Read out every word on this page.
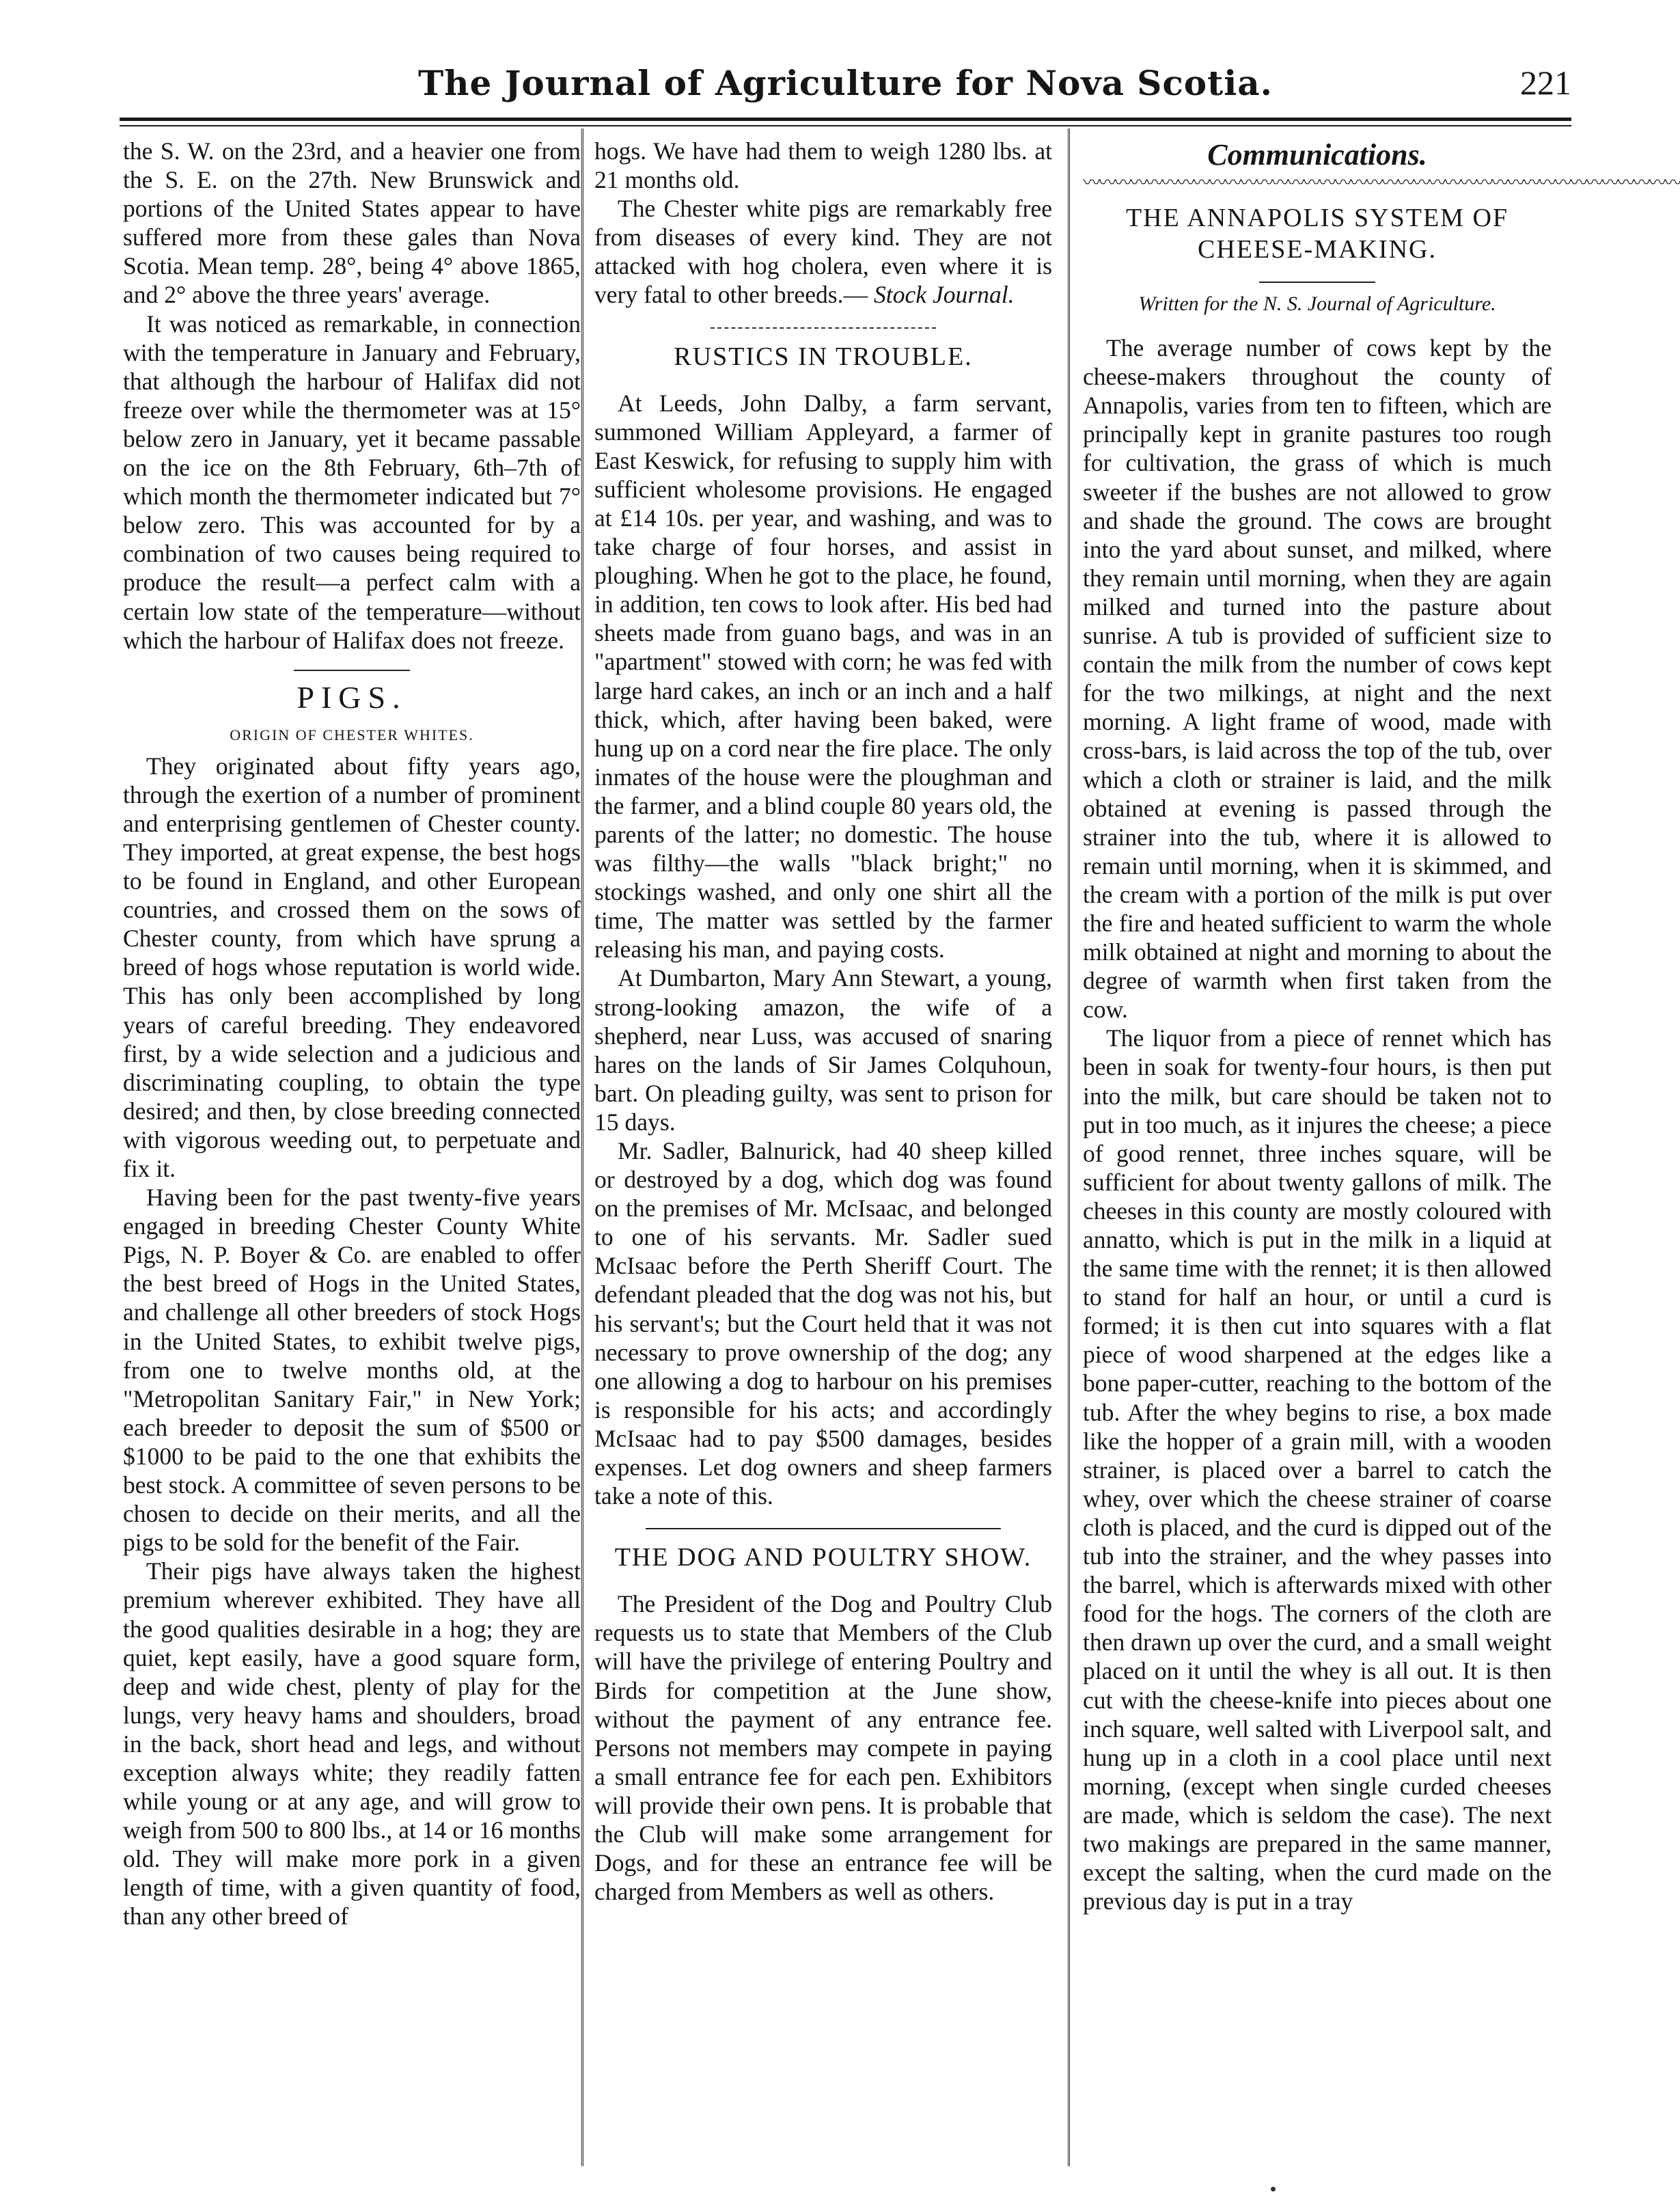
The Journal of Agriculture for Nova Scotia.	221

the S. W. on the 23rd, and a heavier one from the S. E. on the 27th. New Brunswick and portions of the United States appear to have suffered more from these gales than Nova Scotia. Mean temp. 28°, being 4° above 1865, and 2° above the three years' average.

It was noticed as remarkable, in connection with the temperature in January and February, that although the harbour of Halifax did not freeze over while the thermometer was at 15° below zero in January, yet it became passable on the ice on the 8th February, 6th–7th of which month the thermometer indicated but 7° below zero. This was accounted for by a combination of two causes being required to produce the result—a perfect calm with a certain low state of the temperature—without which the harbour of Halifax does not freeze.

PIGS.
ORIGIN OF CHESTER WHITES.

They originated about fifty years ago, through the exertion of a number of prominent and enterprising gentlemen of Chester county. They imported, at great expense, the best hogs to be found in England, and other European countries, and crossed them on the sows of Chester county, from which have sprung a breed of hogs whose reputation is world wide. This has only been accomplished by long years of careful breeding. They endeavored first, by a wide selection and a judicious and discriminating coupling, to obtain the type desired; and then, by close breeding connected with vigorous weeding out, to perpetuate and fix it.

Having been for the past twenty-five years engaged in breeding Chester County White Pigs, N. P. Boyer & Co. are enabled to offer the best breed of Hogs in the United States, and challenge all other breeders of stock Hogs in the United States, to exhibit twelve pigs, from one to twelve months old, at the "Metropolitan Sanitary Fair," in New York; each breeder to deposit the sum of $500 or $1000 to be paid to the one that exhibits the best stock. A committee of seven persons to be chosen to decide on their merits, and all the pigs to be sold for the benefit of the Fair.

Their pigs have always taken the highest premium wherever exhibited. They have all the good qualities desirable in a hog; they are quiet, kept easily, have a good square form, deep and wide chest, plenty of play for the lungs, very heavy hams and shoulders, broad in the back, short head and legs, and without exception always white; they readily fatten while young or at any age, and will grow to weigh from 500 to 800 lbs., at 14 or 16 months old. They will make more pork in a given length of time, with a given quantity of food, than any other breed of

hogs. We have had them to weigh 1280 lbs. at 21 months old.

The Chester white pigs are remarkably free from diseases of every kind. They are not attacked with hog cholera, even where it is very fatal to other breeds.— Stock Journal.

RUSTICS IN TROUBLE.

At Leeds, John Dalby, a farm servant, summoned William Appleyard, a farmer of East Keswick, for refusing to supply him with sufficient wholesome provisions. He engaged at £14 10s. per year, and washing, and was to take charge of four horses, and assist in ploughing. When he got to the place, he found, in addition, ten cows to look after. His bed had sheets made from guano bags, and was in an "apartment" stowed with corn; he was fed with large hard cakes, an inch or an inch and a half thick, which, after having been baked, were hung up on a cord near the fire place. The only inmates of the house were the ploughman and the farmer, and a blind couple 80 years old, the parents of the latter; no domestic. The house was filthy—the walls "black bright;" no stockings washed, and only one shirt all the time, The matter was settled by the farmer releasing his man, and paying costs.

At Dumbarton, Mary Ann Stewart, a young, strong-looking amazon, the wife of a shepherd, near Luss, was accused of snaring hares on the lands of Sir James Colquhoun, bart. On pleading guilty, was sent to prison for 15 days.

Mr. Sadler, Balnurick, had 40 sheep killed or destroyed by a dog, which dog was found on the premises of Mr. McIsaac, and belonged to one of his servants. Mr. Sadler sued McIsaac before the Perth Sheriff Court. The defendant pleaded that the dog was not his, but his servant's; but the Court held that it was not necessary to prove ownership of the dog; any one allowing a dog to harbour on his premises is responsible for his acts; and accordingly McIsaac had to pay $500 damages, besides expenses. Let dog owners and sheep farmers take a note of this.

THE DOG AND POULTRY SHOW.

The President of the Dog and Poultry Club requests us to state that Members of the Club will have the privilege of entering Poultry and Birds for competition at the June show, without the payment of any entrance fee. Persons not members may compete in paying a small entrance fee for each pen. Exhibitors will provide their own pens. It is probable that the Club will make some arrangement for Dogs, and for these an entrance fee will be charged from Members as well as others.

Communications.
〰〰〰〰〰〰〰〰〰〰〰〰〰〰〰〰〰〰〰〰〰〰〰〰〰〰〰〰〰〰〰〰〰〰〰〰〰〰
THE ANNAPOLIS SYSTEM OF CHEESE-MAKING.
Written for the N. S. Journal of Agriculture.

The average number of cows kept by the cheese-makers throughout the county of Annapolis, varies from ten to fifteen, which are principally kept in granite pastures too rough for cultivation, the grass of which is much sweeter if the bushes are not allowed to grow and shade the ground. The cows are brought into the yard about sunset, and milked, where they remain until morning, when they are again milked and turned into the pasture about sunrise. A tub is provided of sufficient size to contain the milk from the number of cows kept for the two milkings, at night and the next morning. A light frame of wood, made with cross-bars, is laid across the top of the tub, over which a cloth or strainer is laid, and the milk obtained at evening is passed through the strainer into the tub, where it is allowed to remain until morning, when it is skimmed, and the cream with a portion of the milk is put over the fire and heated sufficient to warm the whole milk obtained at night and morning to about the degree of warmth when first taken from the cow.

The liquor from a piece of rennet which has been in soak for twenty-four hours, is then put into the milk, but care should be taken not to put in too much, as it injures the cheese; a piece of good rennet, three inches square, will be sufficient for about twenty gallons of milk. The cheeses in this county are mostly coloured with annatto, which is put in the milk in a liquid at the same time with the rennet; it is then allowed to stand for half an hour, or until a curd is formed; it is then cut into squares with a flat piece of wood sharpened at the edges like a bone paper-cutter, reaching to the bottom of the tub. After the whey begins to rise, a box made like the hopper of a grain mill, with a wooden strainer, is placed over a barrel to catch the whey, over which the cheese strainer of coarse cloth is placed, and the curd is dipped out of the tub into the strainer, and the whey passes into the barrel, which is afterwards mixed with other food for the hogs. The corners of the cloth are then drawn up over the curd, and a small weight placed on it until the whey is all out. It is then cut with the cheese-knife into pieces about one inch square, well salted with Liverpool salt, and hung up in a cloth in a cool place until next morning, (except when single curded cheeses are made, which is seldom the case). The next two makings are prepared in the same manner, except the salting, when the curd made on the previous day is put in a tray
